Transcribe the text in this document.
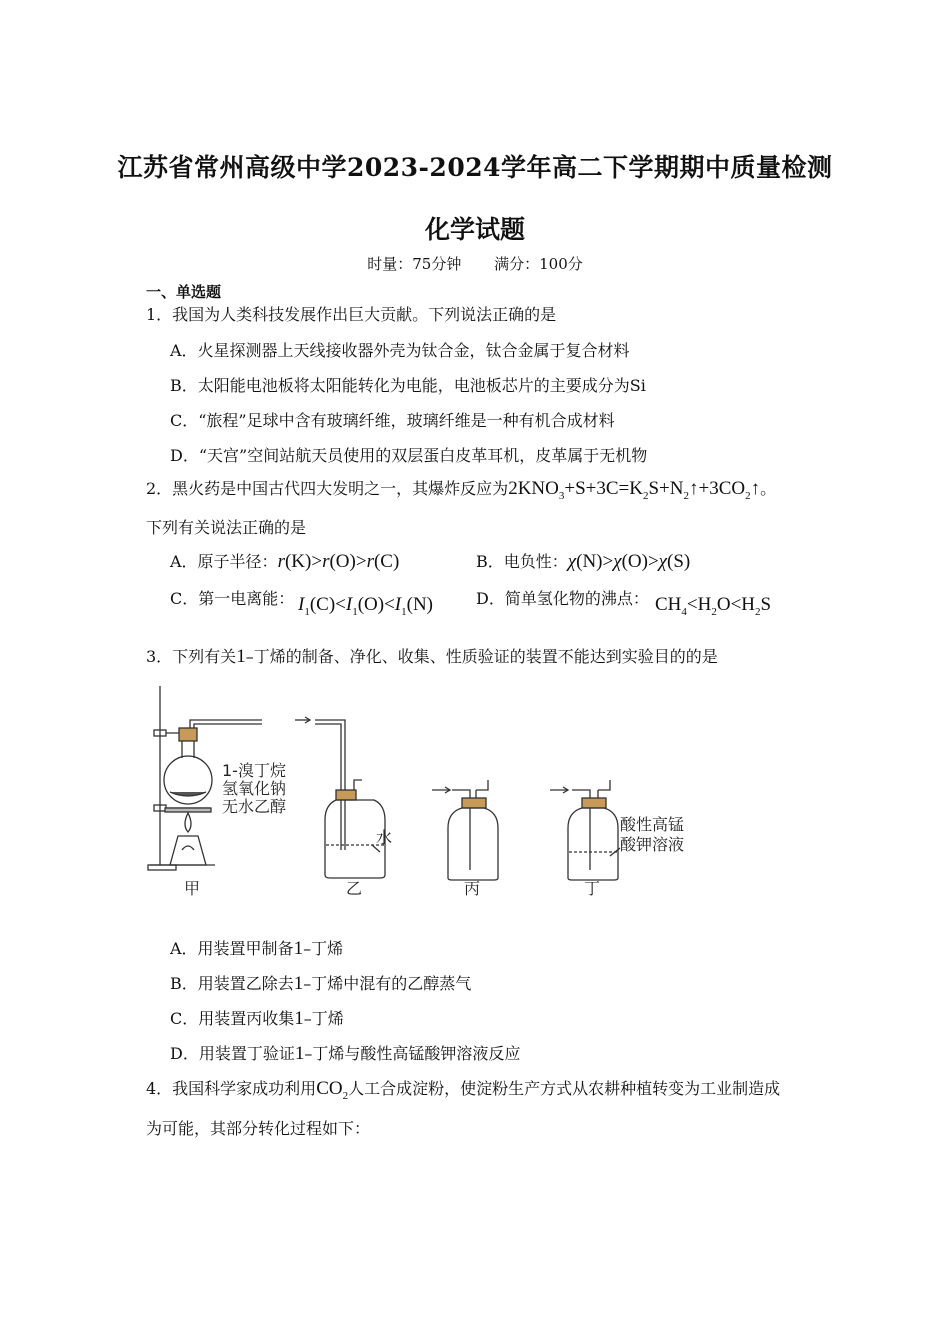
江苏省常州高级中学2023-2024学年高二下学期期中质量检测
化学试题
时量：75分钟 满分：100分
一、单选题
1．我国为人类科技发展作出巨大贡献。下列说法正确的是
A．火星探测器上天线接收器外壳为钛合金，钛合金属于复合材料
B．太阳能电池板将太阳能转化为电能，电池板芯片的主要成分为Si
C．“旅程”足球中含有玻璃纤维，玻璃纤维是一种有机合成材料
D．“天宫”空间站航天员使用的双层蛋白皮革耳机，皮革属于无机物
2．黑火药是中国古代四大发明之一，其爆炸反应为$2KNO_3+S+3C=K_2S+N_2↑+3CO_2↑$。
下列有关说法正确的是
A．原子半径：r(K)>r(O)>r(C)	B．电负性：χ(N)>χ(O)>χ(S)
C．第一电离能： $I_1(C)<I_1(O)<I_1(N)$	D．简单氢化物的沸点： $CH_4<H_2O<H_2S$
3．下列有关1–丁烯的制备、净化、收集、性质验证的装置不能达到实验目的的是
1-溴丁烷
氢氧化钠
无水乙醇
水
酸性高锰
酸钾溶液
甲	乙	丙	丁
A．用装置甲制备1–丁烯
B．用装置乙除去1–丁烯中混有的乙醇蒸气
C．用装置丙收集1–丁烯
D．用装置丁验证1–丁烯与酸性高锰酸钾溶液反应
4．我国科学家成功利用$CO_2$人工合成淀粉，使淀粉生产方式从农耕种植转变为工业制造成
为可能，其部分转化过程如下：
